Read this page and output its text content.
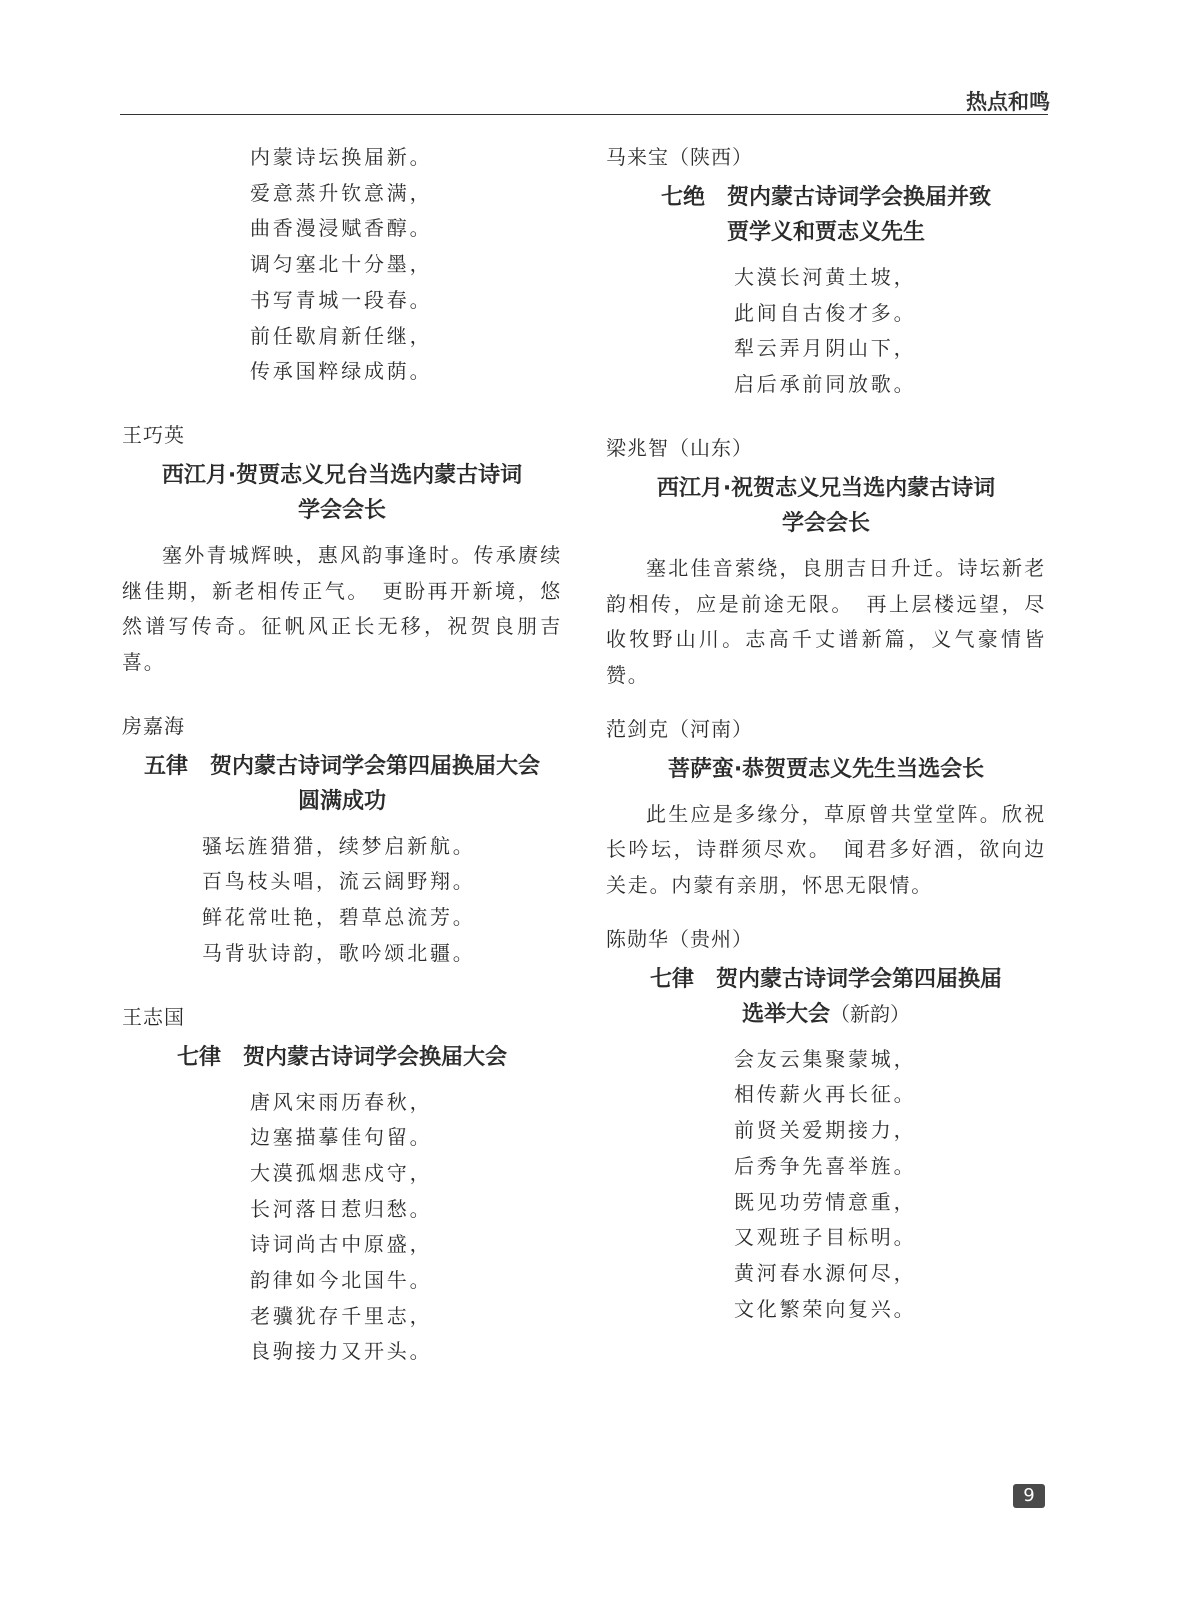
热点和鸣
内蒙诗坛换届新。
爱意蒸升钦意满，
曲香漫浸赋香醇。
调匀塞北十分墨，
书写青城一段春。
前任歇肩新任继，
传承国粹绿成荫。
王巧英
西江月·贺贾志义兄台当选内蒙古诗词
学会会长

塞外青城辉映，惠风韵事逢时。传承赓续继佳期，新老相传正气。　更盼再开新境，悠然谱写传奇。征帆风正长无移，祝贺良朋吉喜。

房嘉海
五律　贺内蒙古诗词学会第四届换届大会
圆满成功
骚坛旌猎猎，续梦启新航。
百鸟枝头唱，流云阔野翔。
鲜花常吐艳，碧草总流芳。
马背驮诗韵，歌吟颂北疆。
王志国
七律　贺内蒙古诗词学会换届大会
唐风宋雨历春秋，
边塞描摹佳句留。
大漠孤烟悲戍守，
长河落日惹归愁。
诗词尚古中原盛，
韵律如今北国牛。
老骥犹存千里志，
良驹接力又开头。
马来宝（陕西）
七绝　贺内蒙古诗词学会换届并致
贾学义和贾志义先生
大漠长河黄土坡，
此间自古俊才多。
犁云弄月阴山下，
启后承前同放歌。
梁兆智（山东）
西江月·祝贺志义兄当选内蒙古诗词
学会会长

塞北佳音萦绕，良朋吉日升迁。诗坛新老韵相传，应是前途无限。　再上层楼远望，尽收牧野山川。志高千丈谱新篇，义气豪情皆赞。

范剑克（河南）
菩萨蛮·恭贺贾志义先生当选会长

此生应是多缘分，草原曾共堂堂阵。欣祝长吟坛，诗群须尽欢。　闻君多好酒，欲向边关走。内蒙有亲朋，怀思无限情。

陈勋华（贵州）
七律　贺内蒙古诗词学会第四届换届
选举大会（新韵）
会友云集聚蒙城，
相传薪火再长征。
前贤关爱期接力，
后秀争先喜举旌。
既见功劳情意重，
又观班子目标明。
黄河春水源何尽，
文化繁荣向复兴。
9
